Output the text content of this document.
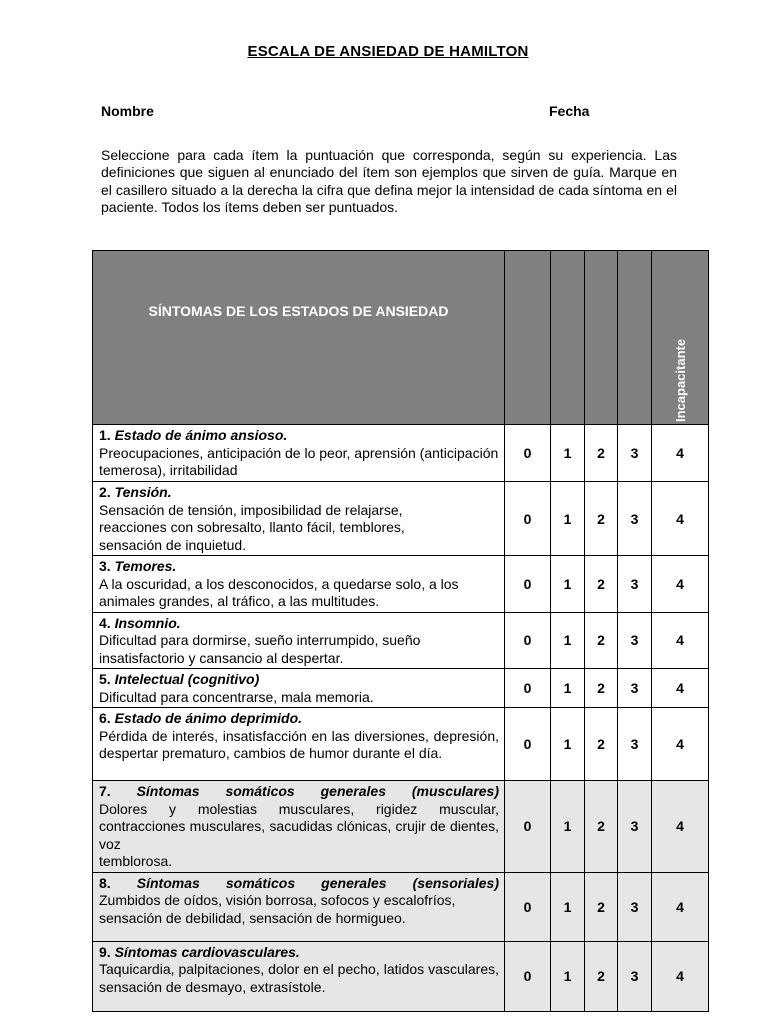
ESCALA DE ANSIEDAD DE HAMILTON
Nombre	Fecha
Seleccione para cada ítem la puntuación que corresponda, según su experiencia. Las definiciones que siguen al enunciado del ítem son ejemplos que sirven de guía. Marque en el casillero situado a la derecha la cifra que defina mejor la intensidad de cada síntoma en el paciente. Todos los ítems deben ser puntuados.
SÍNTOMAS DE LOS ESTADOS DE ANSIEDAD					Incapacitante

1. Estado de ánimo ansioso.
Preocupaciones, anticipación de lo peor, aprensión (anticipación temerosa), irritabilidad	0	1	2	3	4

2. Tensión.
Sensación de tensión, imposibilidad de relajarse, reacciones con sobresalto, llanto fácil, temblores, sensación de inquietud.	0	1	2	3	4

3. Temores.
A la oscuridad, a los desconocidos, a quedarse solo, a los animales grandes, al tráfico, a las multitudes.	0	1	2	3	4

4. Insomnio.
Dificultad para dormirse, sueño interrumpido, sueño insatisfactorio y cansancio al despertar.	0	1	2	3	4

5. Intelectual (cognitivo)
Dificultad para concentrarse, mala memoria.	0	1	2	3	4

6. Estado de ánimo deprimido.
Pérdida de interés, insatisfacción en las diversiones, depresión, despertar prematuro, cambios de humor durante el día.	0	1	2	3	4

7. Síntomas somáticos generales (musculares)
Dolores y molestias musculares, rigidez muscular, contracciones musculares, sacudidas clónicas, crujir de dientes, voz
temblorosa.	0	1	2	3	4

8. Síntomas somáticos generales (sensoriales)
Zumbidos de oídos, visión borrosa, sofocos y escalofríos, sensación de debilidad, sensación de hormigueo.	0	1	2	3	4

9. Síntomas cardiovasculares.
Taquicardia, palpitaciones, dolor en el pecho, latidos vasculares, sensación de desmayo, extrasístole.	0	1	2	3	4
